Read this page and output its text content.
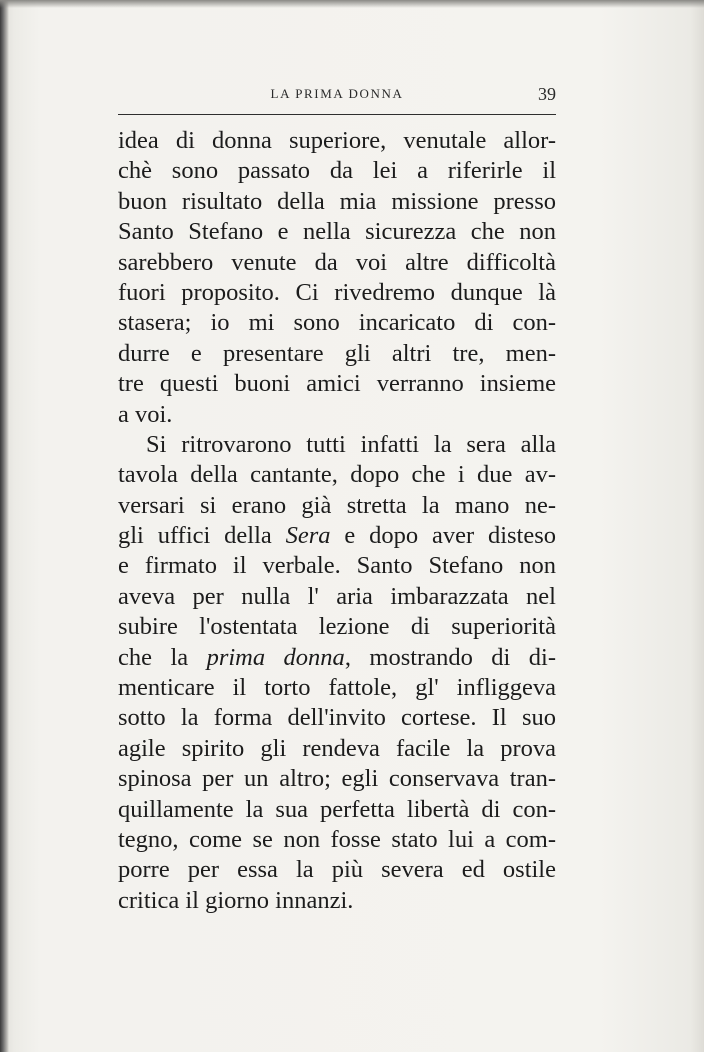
LA PRIMA DONNA	39
idea di donna superiore, venutale allor-
chè sono passato da lei a riferirle il
buon risultato della mia missione presso
Santo Stefano e nella sicurezza che non
sarebbero venute da voi altre difficoltà
fuori proposito. Ci rivedremo dunque là
stasera; io mi sono incaricato di con-
durre e presentare gli altri tre, men-
tre questi buoni amici verranno insieme
a voi.
Si ritrovarono tutti infatti la sera alla
tavola della cantante, dopo che i due av-
versari si erano già stretta la mano ne-
gli uffici della Sera e dopo aver disteso
e firmato il verbale. Santo Stefano non
aveva per nulla l' aria imbarazzata nel
subire l'ostentata lezione di superiorità
che la prima donna, mostrando di di-
menticare il torto fattole, gl' infliggeva
sotto la forma dell'invito cortese. Il suo
agile spirito gli rendeva facile la prova
spinosa per un altro; egli conservava tran-
quillamente la sua perfetta libertà di con-
tegno, come se non fosse stato lui a com-
porre per essa la più severa ed ostile
critica il giorno innanzi.
